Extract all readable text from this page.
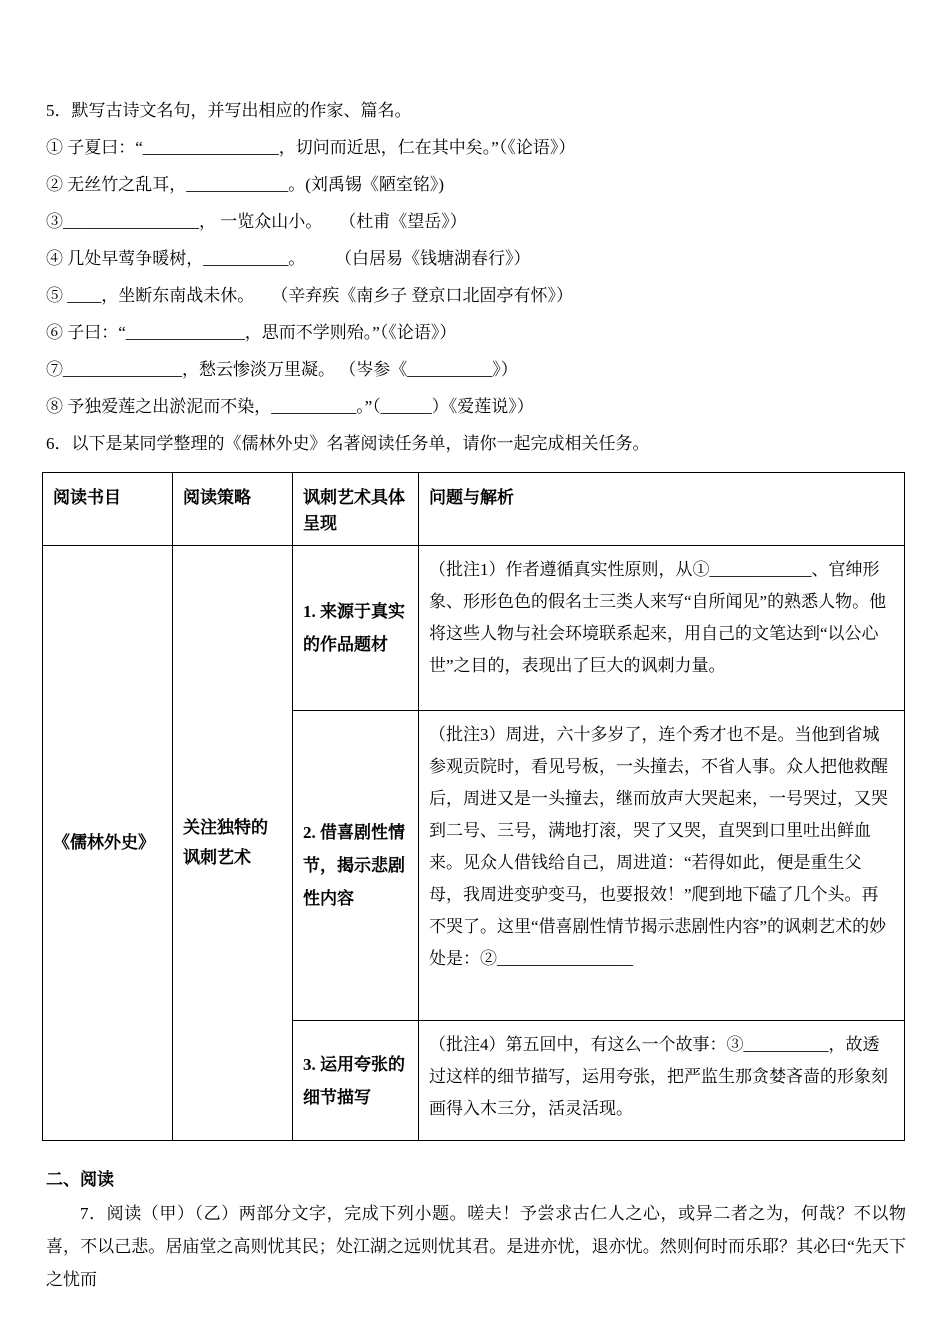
5．默写古诗文名句，并写出相应的作家、篇名。
① 子夏曰：“________________，切问而近思，仁在其中矣。”（《论语》）
② 无丝竹之乱耳，____________。(刘禹锡《陋室铭》)
③________________， 一览众山小。　　（杜甫《望岳》）
④ 几处早莺争暖树，__________。　　 （白居易《钱塘湖春行》）
⑤ ____，坐断东南战未休。　　（辛弃疾《南乡子 登京口北固亭有怀》）
⑥ 子曰：“______________，思而不学则殆。”（《论语》）
⑦______________，愁云惨淡万里凝。 （岑参《__________》）
⑧ 予独爱莲之出淤泥而不染，__________。”（______）《爱莲说》）
6．以下是某同学整理的《儒林外史》名著阅读任务单，请你一起完成相关任务。
阅读书目	阅读策略	讽刺艺术具体呈现	问题与解析
《儒林外史》	关注独特的讽刺艺术	1. 来源于真实的作品题材	（批注1）作者遵循真实性原则，从①____________、官绅形象、形形色色的假名士三类人来写“自所闻见”的熟悉人物。他将这些人物与社会环境联系起来，用自己的文笔达到“以公心世”之目的，表现出了巨大的讽刺力量。
		2. 借喜剧性情节，揭示悲剧性内容	（批注3）周进，六十多岁了，连个秀才也不是。当他到省城参观贡院时，看见号板，一头撞去，不省人事。众人把他救醒后，周进又是一头撞去，继而放声大哭起来，一号哭过，又哭到二号、三号，满地打滚，哭了又哭，直哭到口里吐出鲜血来。见众人借钱给自己，周进道：“若得如此，便是重生父母，我周进变驴变马，也要报效！”爬到地下磕了几个头。再不哭了。这里“借喜剧性情节揭示悲剧性内容”的讽刺艺术的妙处是：②________________
		3. 运用夸张的细节描写	（批注4）第五回中，有这么一个故事：③__________，故透过这样的细节描写，运用夸张，把严监生那贪婪吝啬的形象刻画得入木三分，活灵活现。
二、阅读

7．阅读（甲）（乙）两部分文字，完成下列小题。嗟夫！予尝求古仁人之心，或异二者之为，何哉？不以物喜，不以己悲。居庙堂之高则忧其民；处江湖之远则忧其君。是进亦忧，退亦忧。然则何时而乐耶？其必曰“先天下之忧而
